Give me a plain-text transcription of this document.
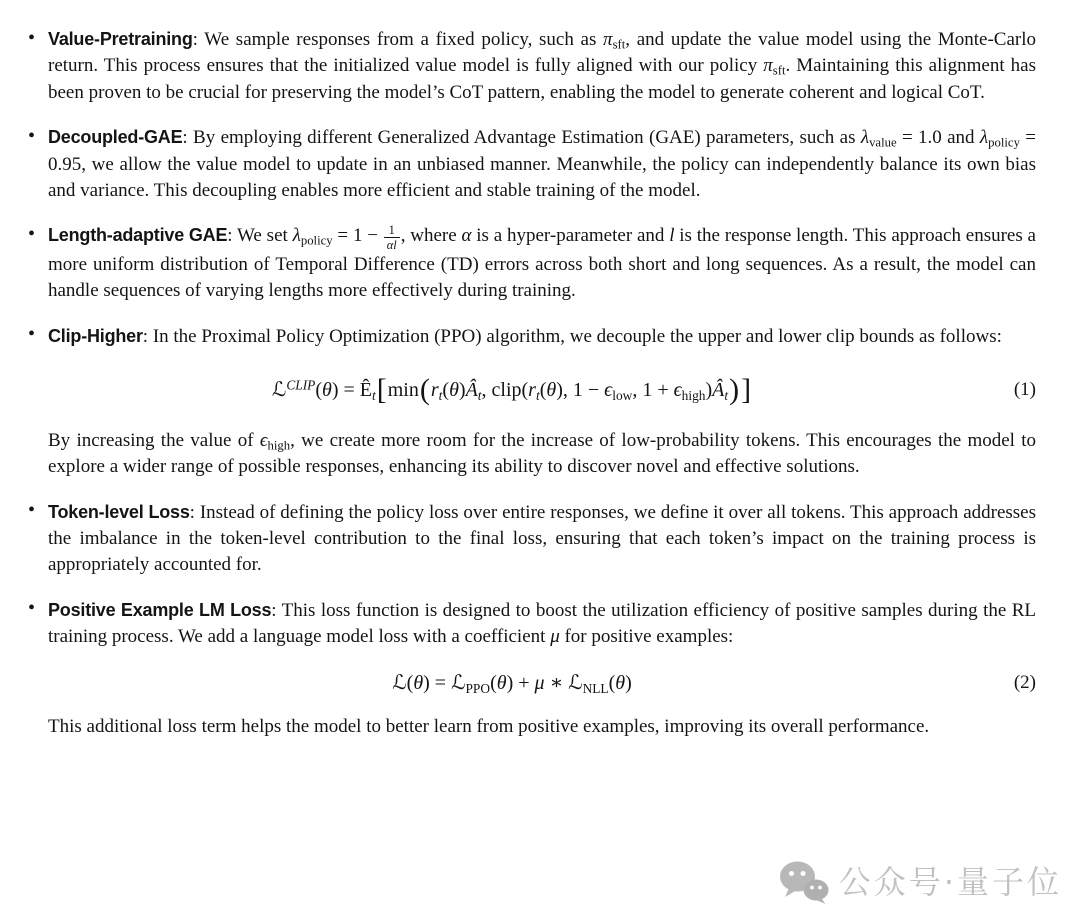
• Value-Pretraining: We sample responses from a fixed policy, such as $\pi_{sft}$, and update the value model using the Monte-Carlo return. This process ensures that the initialized value model is fully aligned with our policy $\pi_{sft}$. Maintaining this alignment has been proven to be crucial for preserving the model’s CoT pattern, enabling the model to generate coherent and logical CoT.
• Decoupled-GAE: By employing different Generalized Advantage Estimation (GAE) parameters, such as $\lambda_{value} = 1.0$ and $\lambda_{policy} = 0.95$, we allow the value model to update in an unbiased manner. Meanwhile, the policy can independently balance its own bias and variance. This decoupling enables more efficient and stable training of the model.
• Length-adaptive GAE: We set $\lambda_{policy} = 1 - \frac{1}{\alpha l}$ , where α is a hyper-parameter and l is the response length. This approach ensures a more uniform distribution of Temporal Difference (TD) errors across both short and long sequences. As a result, the model can handle sequences of varying lengths more effectively during training.
• Clip-Higher: In the Proximal Policy Optimization (PPO) algorithm, we decouple the upper and lower clip bounds as follows:
ℒ$^{CLIP}$(θ) = $Ê_t[\min(r_t(\theta)Â_t$, $clip(r_t(\theta)$, $1 - \epsilon_{low}$, $1 + \epsilon_{high})Â_t$)]	(1)
By increasing the value of $\epsilon_{high}$, we create more room for the increase of low-probability tokens. This encourages the model to explore a wider range of possible responses, enhancing its ability to discover novel and effective solutions.
• Token-level Loss: Instead of defining the policy loss over entire responses, we define it over all tokens. This approach addresses the imbalance in the token-level contribution to the final loss, ensuring that each token’s impact on the training process is appropriately accounted for.
• Positive Example LM Loss: This loss function is designed to boost the utilization efficiency of positive samples during the RL training process. We add a language model loss with a coefficient μ for positive examples:
ℒ(θ) = ℒ$_{PPO}$(θ) + μ ∗ ℒ$_{NLL}$(θ)	(2)
This additional loss term helps the model to better learn from positive examples, improving its overall performance.
公众号·量子位
